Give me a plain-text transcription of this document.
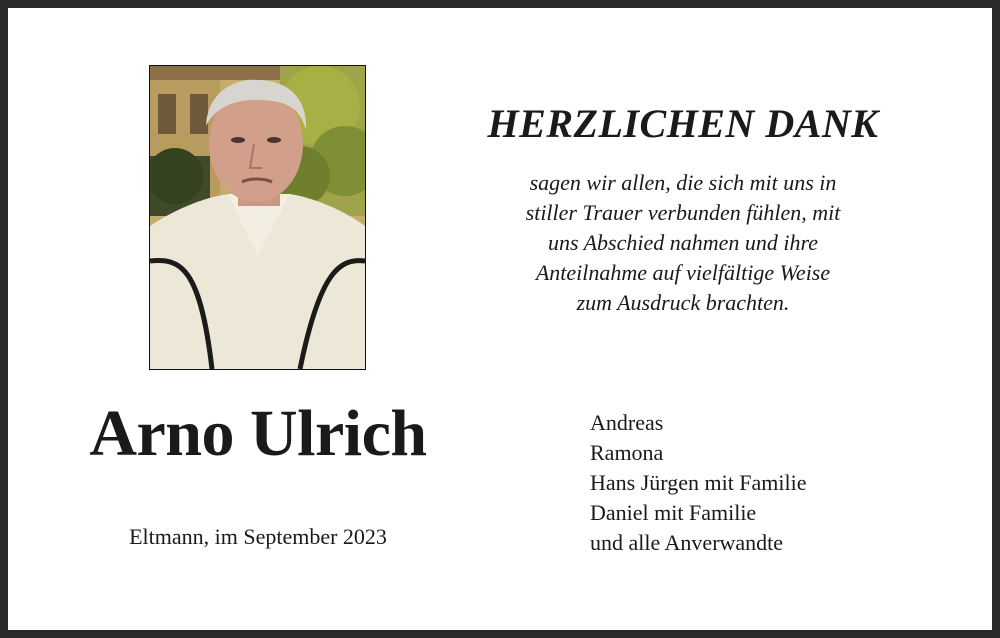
HERZLICHEN DANK
sagen wir allen, die sich mit uns in
stiller Trauer verbunden fühlen, mit
uns Abschied nahmen und ihre
Anteilnahme auf vielfältige Weise
zum Ausdruck brachten.
Arno Ulrich
Eltmann, im September 2023
Andreas
Ramona
Hans Jürgen mit Familie
Daniel mit Familie
und alle Anverwandte
